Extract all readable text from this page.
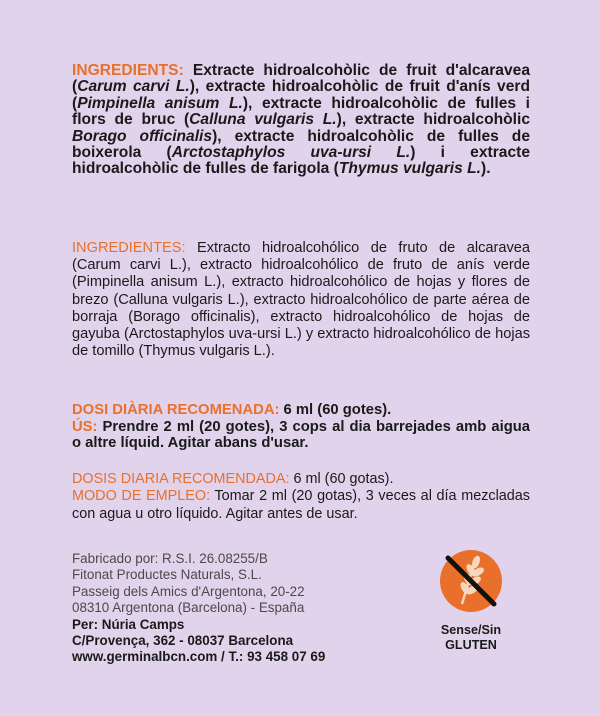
INGREDIENTS: Extracte hidroalcohòlic de fruit d'alcaravea (Carum carvi L.), extracte hidroalcohòlic de fruit d'anís verd (Pimpinella anisum L.), extracte hidroalcohòlic de fulles i flors de bruc (Calluna vulgaris L.), extracte hidroalcohòlic Borago officinalis), extracte hidroalcohòlic de fulles de boixerola (Arctostaphylos uva-ursi L.) i extracte hidroalcohòlic de fulles de farigola (Thymus vulgaris L.).
INGREDIENTES: Extracto hidroalcohólico de fruto de alcaravea (Carum carvi L.), extracto hidroalcohólico de fruto de anís verde (Pimpinella anisum L.), extracto hidroalcohólico de hojas y flores de brezo (Calluna vulgaris L.), extracto hidroalcohólico de parte aérea de borraja (Borago officinalis), extracto hidroalcohólico de hojas de gayuba (Arctostaphylos uva-ursi L.) y extracto hidroalcohólico de hojas de tomillo (Thymus vulgaris L.).
DOSI DIÀRIA RECOMENADA: 6 ml (60 gotes).
ÚS: Prendre 2 ml (20 gotes), 3 cops al dia barrejades amb aigua o altre líquid. Agitar abans d'usar.
DOSIS DIARIA RECOMENDADA: 6 ml (60 gotas).
MODO DE EMPLEO: Tomar 2 ml (20 gotas), 3 veces al día mezcladas con agua u otro líquido. Agitar antes de usar.
Fabricado por: R.S.I. 26.08255/B
Fitonat Productes Naturals, S.L.
Passeig dels Amics d'Argentona, 20-22
08310 Argentona (Barcelona) - España
Per: Núria Camps
C/Provença, 362 - 08037 Barcelona
www.germinalbcn.com / T.: 93 458 07 69
Sense/Sin
GLUTEN
